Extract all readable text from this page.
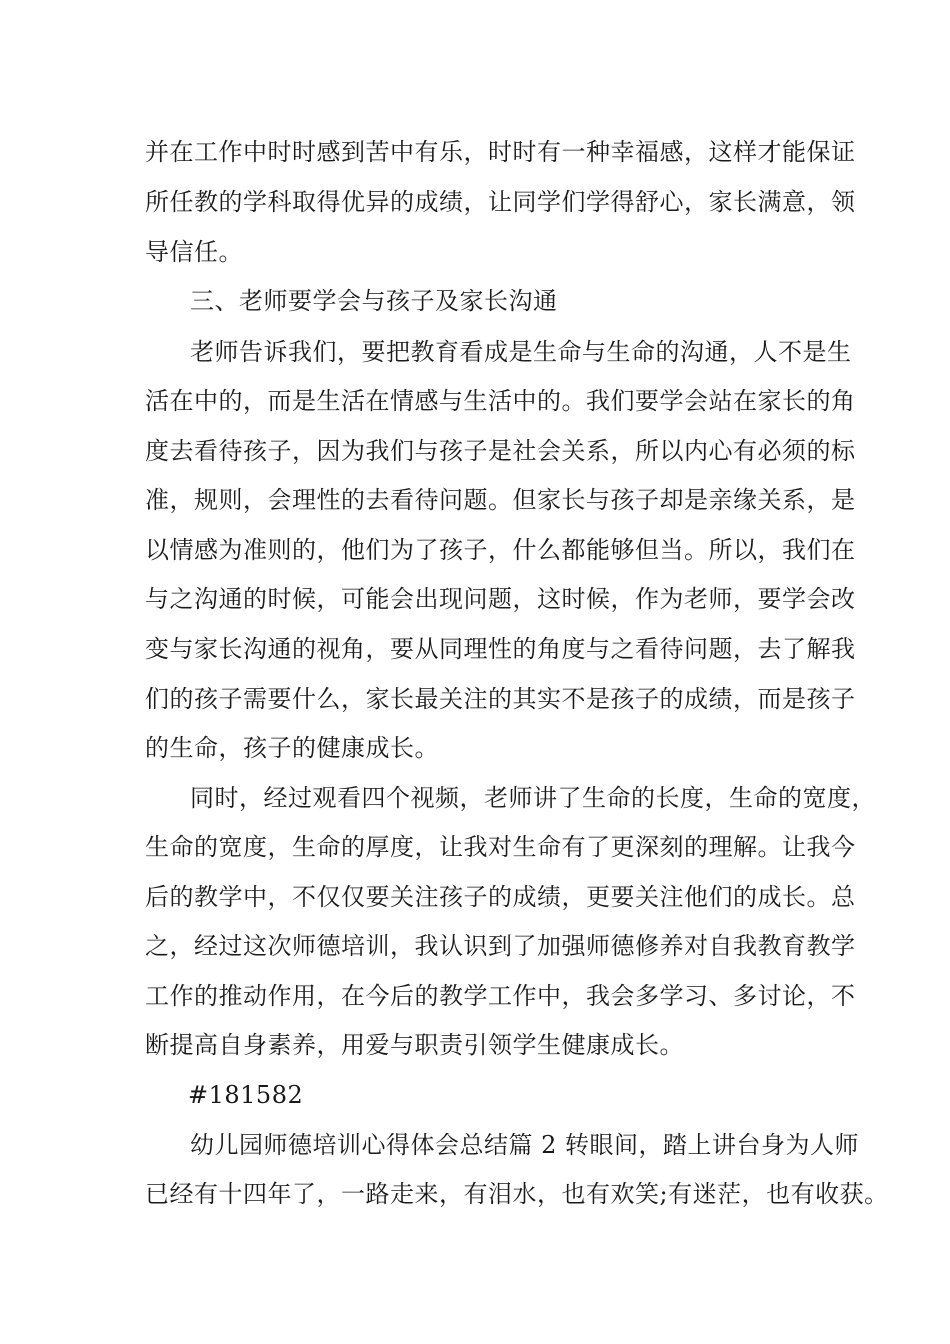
并在工作中时时感到苦中有乐，时时有一种幸福感，这样才能保证
所任教的学科取得优异的成绩，让同学们学得舒心，家长满意，领
导信任。
三、老师要学会与孩子及家长沟通
老师告诉我们，要把教育看成是生命与生命的沟通，人不是生
活在中的，而是生活在情感与生活中的。我们要学会站在家长的角
度去看待孩子，因为我们与孩子是社会关系，所以内心有必须的标
准，规则，会理性的去看待问题。但家长与孩子却是亲缘关系，是
以情感为准则的，他们为了孩子，什么都能够但当。所以，我们在
与之沟通的时候，可能会出现问题，这时候，作为老师，要学会改
变与家长沟通的视角，要从同理性的角度与之看待问题，去了解我
们的孩子需要什么，家长最关注的其实不是孩子的成绩，而是孩子
的生命，孩子的健康成长。
同时，经过观看四个视频，老师讲了生命的长度，生命的宽度，
生命的宽度，生命的厚度，让我对生命有了更深刻的理解。让我今
后的教学中，不仅仅要关注孩子的成绩，更要关注他们的成长。总
之，经过这次师德培训，我认识到了加强师德修养对自我教育教学
工作的推动作用，在今后的教学工作中，我会多学习、多讨论，不
断提高自身素养，用爱与职责引领学生健康成长。
#181582
幼儿园师德培训心得体会总结篇 2 转眼间，踏上讲台身为人师
已经有十四年了，一路走来，有泪水，也有欢笑;有迷茫，也有收获。
